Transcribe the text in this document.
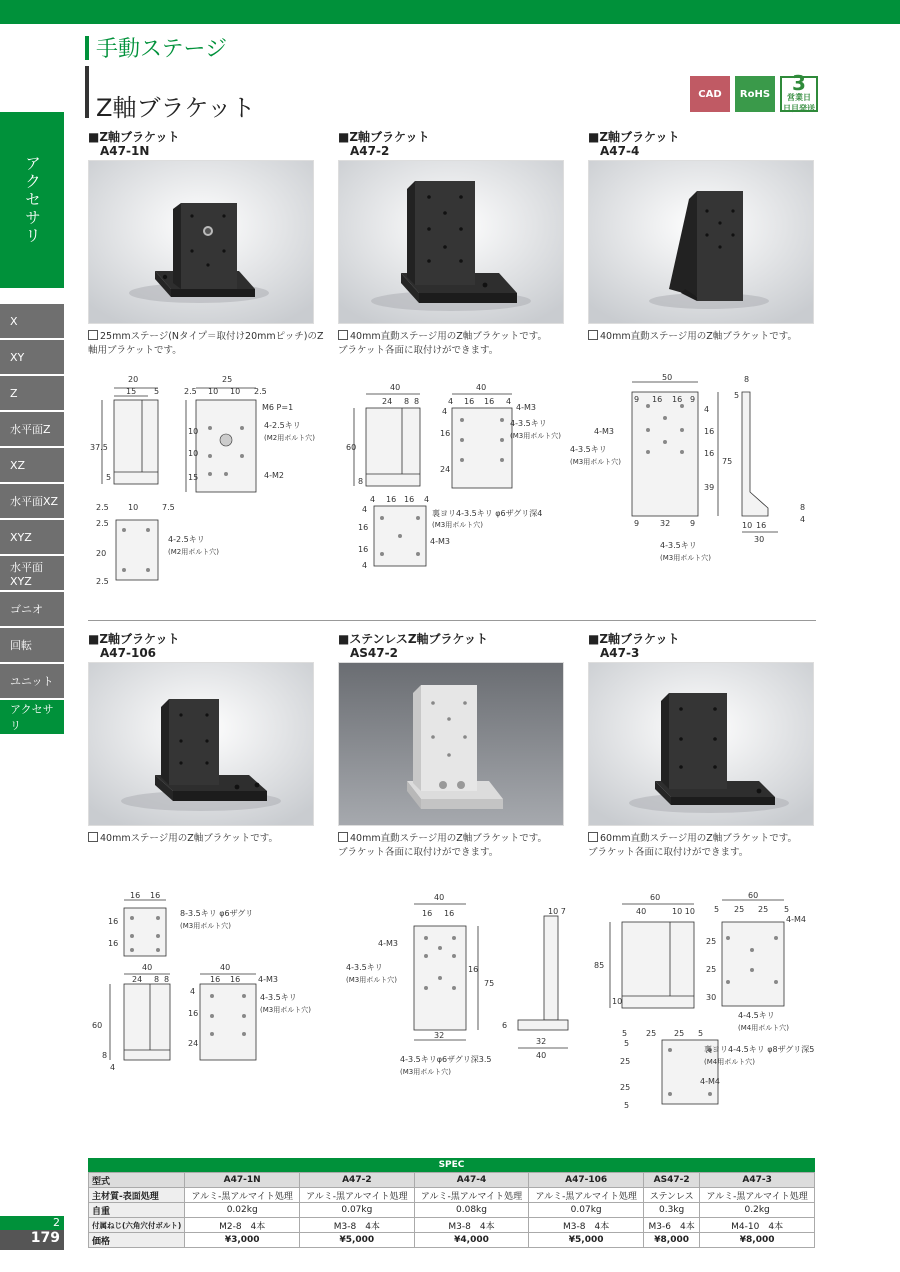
手動ステージ
Z軸ブラケット	CAD	RoHS 3
営業日
日目発送
アクセサリ
X
XY
Z
水平面Z
XZ
水平面XZ
XYZ
水平面XYZ
ゴニオ
回転
ユニット
アクセサリ
■Z軸ブラケット
A47-1N
25mmステージ(Nタイプ＝取付け20mmピッチ)のZ
軸用ブラケットです。
■Z軸ブラケット
A47-2
40mm直動ステージ用のZ軸ブラケットです。
ブラケット各面に取付けができます。
■Z軸ブラケット
A47-4
40mm直動ステージ用のZ軸ブラケットです。
20
15 5
37.5
5
25
2.5 10 10 2.5
M6 P=1
4-2.5キリ
(M2用ボルト穴)
4-M2
10
10
15
2.5 10	7.5
4-2.5キリ
(M2用ボルト穴)
2.5
20
2.5
40
24 8 8
60
8
40
4 16 16 4
4-M3
4-3.5キリ
(M3用ボルト穴)
4
16
24
4 16 16 4
裏ヨリ4-3.5キリ φ6ザグリ深4
(M3用ボルト穴)
4-M3
4
16
16
4
50
9 16 16 9
4-M3
4-3.5キリ
(M3用ボルト穴)
4
16
16
75
39
9	32 9
4-3.5キリ
(M3用ボルト穴)
8
5
10 16
30
8
4
■Z軸ブラケット
A47-106
40mmステージ用のZ軸ブラケットです。
■ステンレスZ軸ブラケット
AS47-2
40mm直動ステージ用のZ軸ブラケットです。
ブラケット各面に取付けができます。
■Z軸ブラケット
A47-3
60mm直動ステージ用のZ軸ブラケットです。
ブラケット各面に取付けができます。
16 16
8-3.5キリ φ6ザグリ
(M3用ボルト穴)
16
16
40
24 8 8
60
8
4
40
16 16 4-M3
4
16
24
4-3.5キリ
(M3用ボルト穴)
40
16 16
4-M3
4-3.5キリ
(M3用ボルト穴)
16
75
32
4-3.5キリφ6ザグリ深3.5
(M3用ボルト穴)
10 7
6
32
40
60
40	10 10
85
10
60
5 25 25 5
4-M4
25
25
30
4-4.5キリ
(M4用ボルト穴)
5 25 25 5
裏ヨリ4-4.5キリ φ8ザグリ深5
(M4用ボルト穴)
4-M4
5
25
25
5
SPEC
型式	A47-1N	A47-2	A47-4	A47-106	AS47-2	A47-3
主材質-表面処理	アルミ-黒アルマイト処理	アルミ-黒アルマイト処理	アルミ-黒アルマイト処理	アルミ-黒アルマイト処理	ステンレス	アルミ-黒アルマイト処理
自重	0.02kg	0.07kg	0.08kg	0.07kg	0.3kg	0.2kg
付属ねじ(六角穴付ボルト)	M2-8　4本	M3-8　4本	M3-8　4本	M3-8　4本	M3-6　4本	M4-10　4本
価格	¥3,000	¥5,000	¥4,000	¥5,000	¥8,000	¥8,000
2
179
